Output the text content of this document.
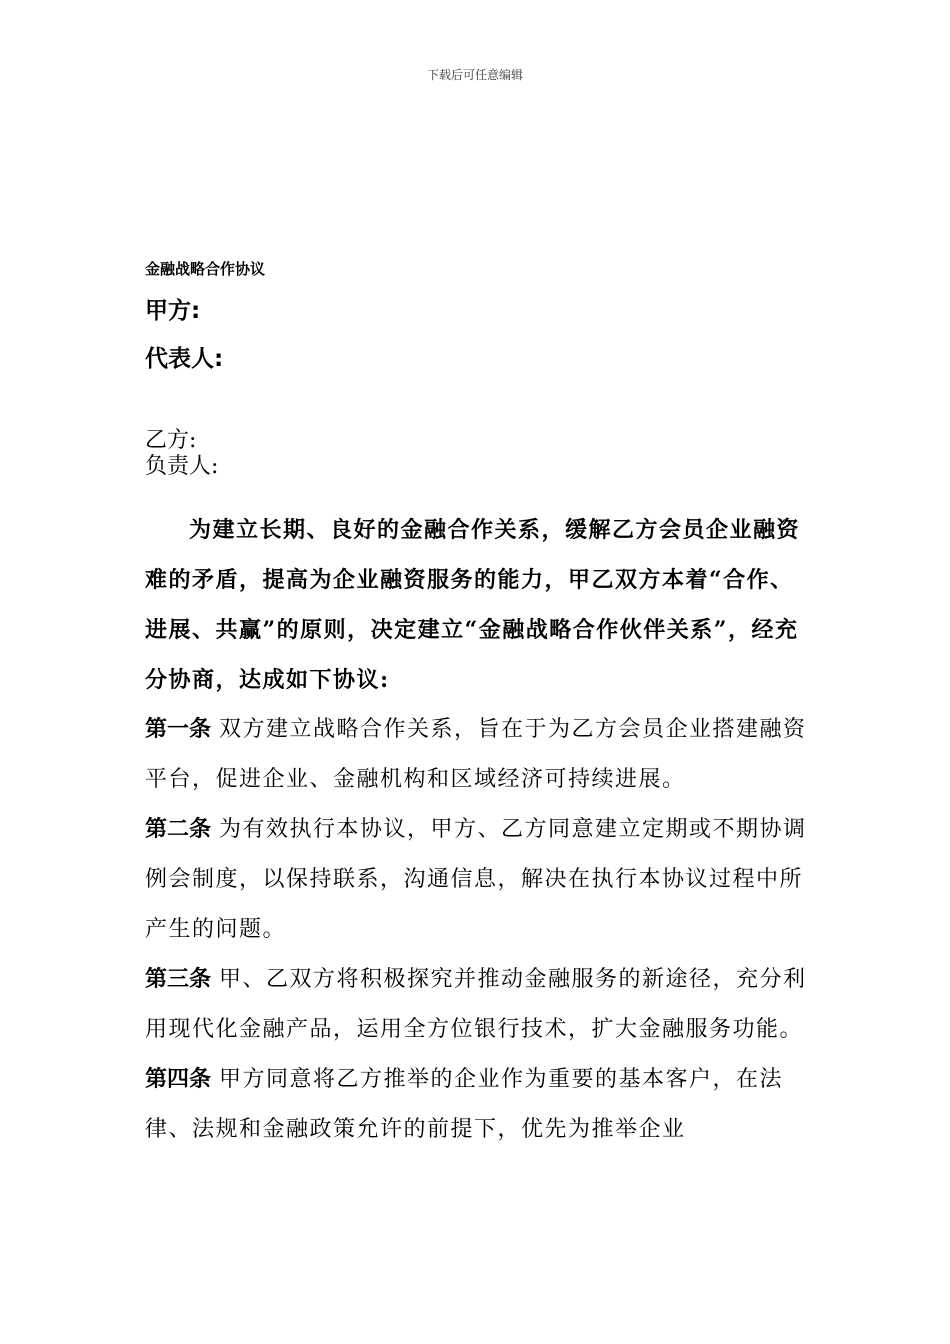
下载后可任意编辑
金融战略合作协议
甲方:
代表人:
乙方:
负责人:

为建立长期、良好的金融合作关系，缓解乙方会员企业融资难的矛盾，提高为企业融资服务的能力，甲乙双方本着“合作、进展、共赢”的原则，决定建立“金融战略合作伙伴关系”，经充分协商，达成如下协议:

第一条 双方建立战略合作关系，旨在于为乙方会员企业搭建融资平台，促进企业、金融机构和区域经济可持续进展。

第二条 为有效执行本协议，甲方、乙方同意建立定期或不期协调例会制度，以保持联系，沟通信息，解决在执行本协议过程中所产生的问题。

第三条 甲、乙双方将积极探究并推动金融服务的新途径，充分利用现代化金融产品，运用全方位银行技术，扩大金融服务功能。

第四条 甲方同意将乙方推举的企业作为重要的基本客户，在法律、法规和金融政策允许的前提下，优先为推举企业
